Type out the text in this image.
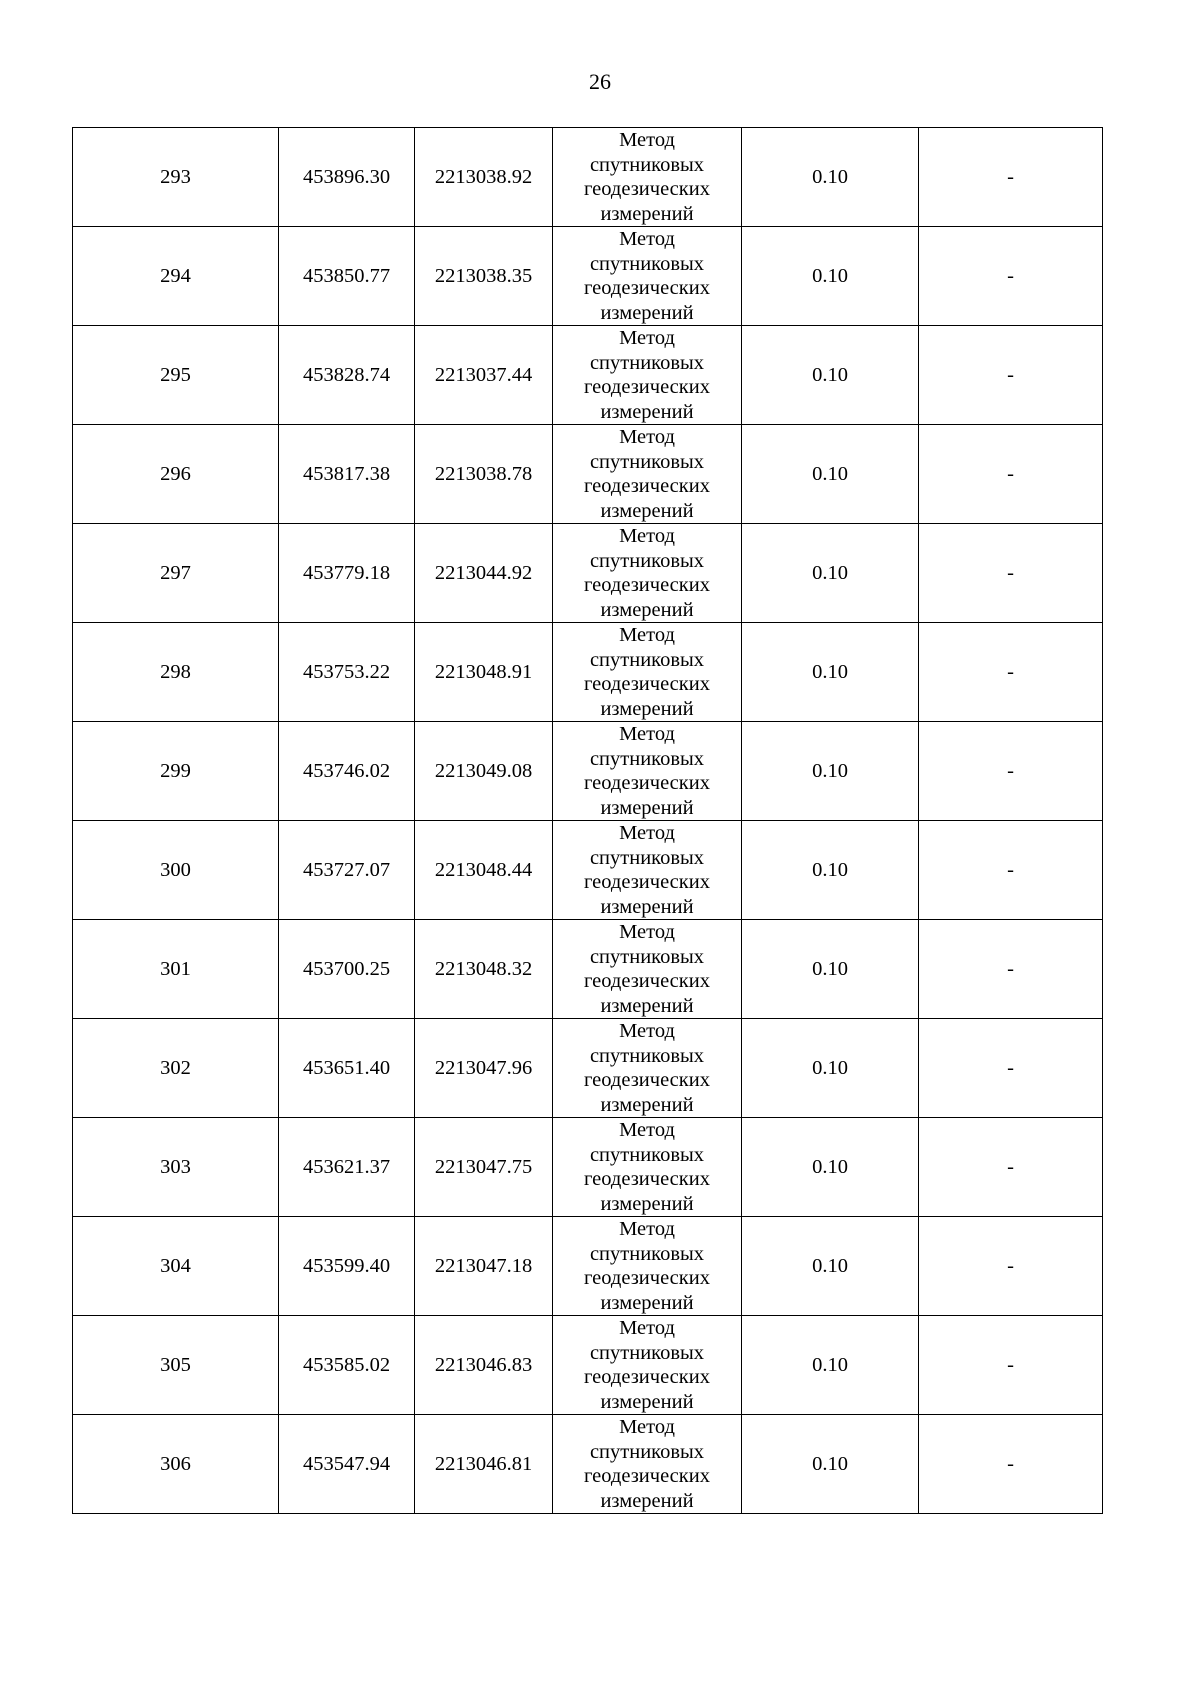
26
293	453896.30	2213038.92	Метод
спутниковых
геодезических
измерений	0.10	-
294	453850.77	2213038.35	Метод
спутниковых
геодезических
измерений	0.10	-
295	453828.74	2213037.44	Метод
спутниковых
геодезических
измерений	0.10	-
296	453817.38	2213038.78	Метод
спутниковых
геодезических
измерений	0.10	-
297	453779.18	2213044.92	Метод
спутниковых
геодезических
измерений	0.10	-
298	453753.22	2213048.91	Метод
спутниковых
геодезических
измерений	0.10	-
299	453746.02	2213049.08	Метод
спутниковых
геодезических
измерений	0.10	-
300	453727.07	2213048.44	Метод
спутниковых
геодезических
измерений	0.10	-
301	453700.25	2213048.32	Метод
спутниковых
геодезических
измерений	0.10	-
302	453651.40	2213047.96	Метод
спутниковых
геодезических
измерений	0.10	-
303	453621.37	2213047.75	Метод
спутниковых
геодезических
измерений	0.10	-
304	453599.40	2213047.18	Метод
спутниковых
геодезических
измерений	0.10	-
305	453585.02	2213046.83	Метод
спутниковых
геодезических
измерений	0.10	-
306	453547.94	2213046.81	Метод
спутниковых
геодезических
измерений	0.10	-
